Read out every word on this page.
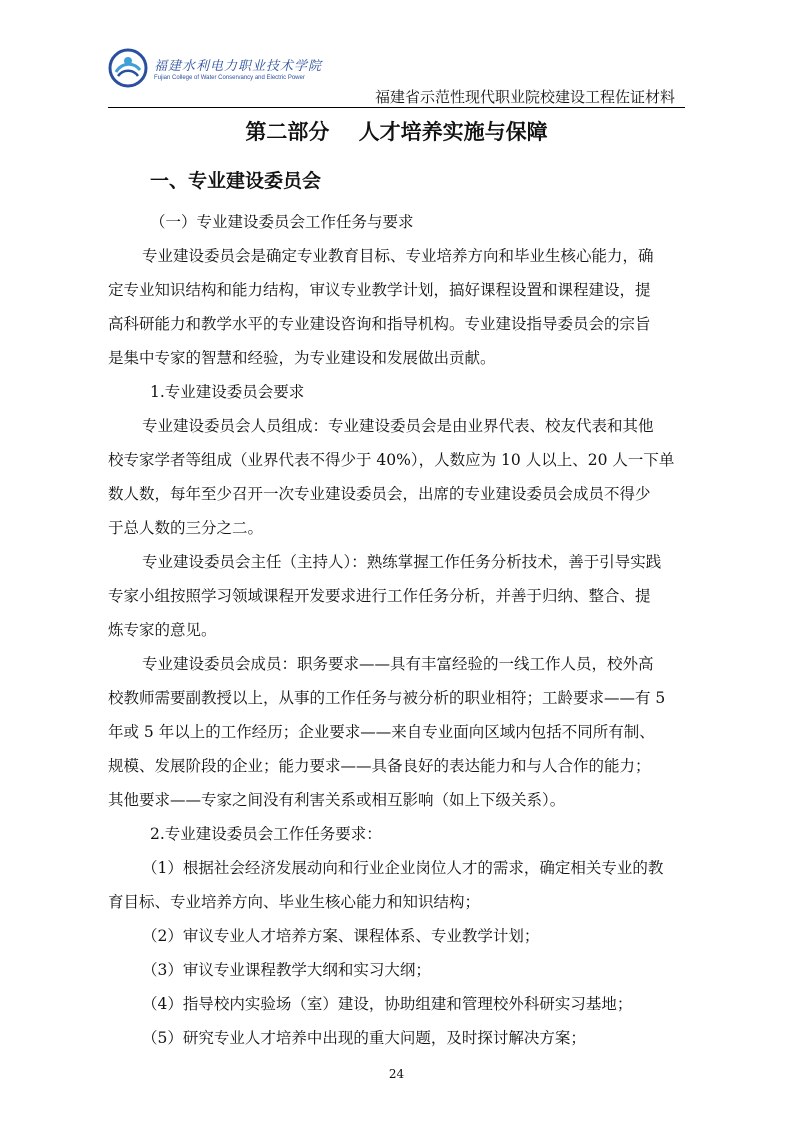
福建水利电力职业技术学院
Fujian College of Water Conservancy and Electric Power
福建省示范性现代职业院校建设工程佐证材料
第二部分    人才培养实施与保障
一、专业建设委员会
（一）专业建设委员会工作任务与要求
专业建设委员会是确定专业教育目标、专业培养方向和毕业生核心能力，确
定专业知识结构和能力结构，审议专业教学计划，搞好课程设置和课程建设，提
高科研能力和教学水平的专业建设咨询和指导机构。专业建设指导委员会的宗旨
是集中专家的智慧和经验，为专业建设和发展做出贡献。
1.专业建设委员会要求
专业建设委员会人员组成：专业建设委员会是由业界代表、校友代表和其他
校专家学者等组成（业界代表不得少于 40%），人数应为 10 人以上、20 人一下单
数人数，每年至少召开一次专业建设委员会，出席的专业建设委员会成员不得少
于总人数的三分之二。
专业建设委员会主任（主持人）：熟练掌握工作任务分析技术，善于引导实践
专家小组按照学习领域课程开发要求进行工作任务分析，并善于归纳、整合、提
炼专家的意见。
专业建设委员会成员：职务要求——具有丰富经验的一线工作人员，校外高
校教师需要副教授以上，从事的工作任务与被分析的职业相符；工龄要求——有 5
年或 5 年以上的工作经历；企业要求——来自专业面向区域内包括不同所有制、
规模、发展阶段的企业；能力要求——具备良好的表达能力和与人合作的能力；
其他要求——专家之间没有利害关系或相互影响（如上下级关系）。
2.专业建设委员会工作任务要求：
（1）根据社会经济发展动向和行业企业岗位人才的需求，确定相关专业的教
育目标、专业培养方向、毕业生核心能力和知识结构；
（2）审议专业人才培养方案、课程体系、专业教学计划；
（3）审议专业课程教学大纲和实习大纲；
（4）指导校内实验场（室）建设，协助组建和管理校外科研实习基地；
（5）研究专业人才培养中出现的重大问题，及时探讨解决方案；
24
